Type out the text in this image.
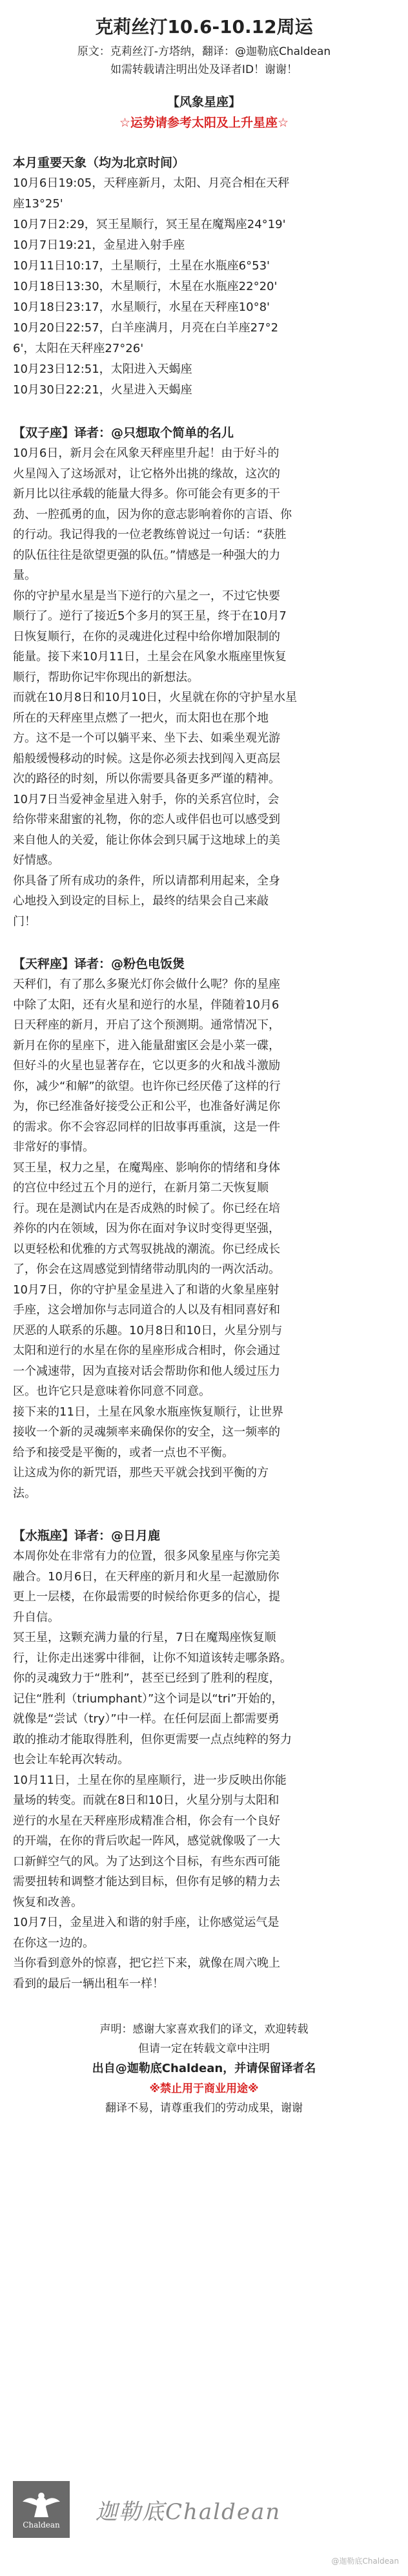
克莉丝汀10.6-10.12周运
原文：克莉丝汀-方塔纳，翻译：@迦勒底Chaldean
如需转载请注明出处及译者ID！谢谢！
【风象星座】
☆运势请参考太阳及上升星座☆
本月重要天象（均为北京时间）
10月6日19:05，天秤座新月，太阳、月亮合相在天秤
座13°25'
10月7日2:29，冥王星顺行，冥王星在魔羯座24°19'
10月7日19:21，金星进入射手座
10月11日10:17，土星顺行，土星在水瓶座6°53'
10月18日13:30，木星顺行，木星在水瓶座22°20'
10月18日23:17，水星顺行，水星在天秤座10°8'
10月20日22:57，白羊座满月，月亮在白羊座27°2
6'，太阳在天秤座27°26'
10月23日12:51，太阳进入天蝎座
10月30日22:21，火星进入天蝎座
【双子座】译者：@只想取个简单的名儿

10月6日，新月会在风象天秤座里升起！由于好斗的

火星闯入了这场派对，让它格外出挑的缘故，这次的

新月比以往承载的能量大得多。你可能会有更多的干

劲、一腔孤勇的血，因为你的意志影响着你的言语、你

的行动。我记得我的一位老教练曾说过一句话：“获胜

的队伍往往是欲望更强的队伍。”情感是一种强大的力

量。

你的守护星水星是当下逆行的六星之一，不过它快要

顺行了。逆行了接近5个多月的冥王星，终于在10月7

日恢复顺行，在你的灵魂进化过程中给你增加限制的

能量。接下来10月11日，土星会在风象水瓶座里恢复

顺行，帮助你记牢你现出的新想法。

而就在10月8日和10月10日，火星就在你的守护星水星

所在的天秤座里点燃了一把火，而太阳也在那个地

方。这不是一个可以躺平来、坐下去、如乘坐观光游

船般缓慢移动的时候。这是你必须去找到闯入更高层

次的路径的时刻，所以你需要具备更多严谨的精神。

10月7日当爱神金星进入射手，你的关系宫位时，会

给你带来甜蜜的礼物，你的恋人或伴侣也可以感受到

来自他人的关爱，能让你体会到只属于这地球上的美

好情感。

你具备了所有成功的条件，所以请都利用起来，全身

心地投入到设定的目标上，最终的结果会自己来敲

门！

【天秤座】译者：@粉色电饭煲

天秤们，有了那么多聚光灯你会做什么呢？你的星座

中除了太阳，还有火星和逆行的水星，伴随着10月6

日天秤座的新月，开启了这个预测期。通常情况下，

新月在你的星座下，进入能量甜蜜区会是小菜一碟，

但好斗的火星也显著存在，它以更多的火和战斗激励

你，减少“和解”的欲望。也许你已经厌倦了这样的行

为，你已经准备好接受公正和公平，也准备好满足你

的需求。你不会容忍同样的旧故事再重演，这是一件

非常好的事情。

冥王星，权力之星，在魔羯座、影响你的情绪和身体

的宫位中经过五个月的逆行，在新月第二天恢复顺

行。现在是测试内在是否成熟的时候了。你已经在培

养你的内在领域，因为你在面对争议时变得更坚强，

以更轻松和优雅的方式驾驭挑战的潮流。你已经成长

了，你会在这周感觉到情绪带动肌肉的一两次活动。

10月7日，你的守护星金星进入了和谐的火象星座射

手座，这会增加你与志同道合的人以及有相同喜好和

厌恶的人联系的乐趣。10月8日和10日，火星分别与

太阳和逆行的水星在你的星座形成合相时，你会通过

一个减速带，因为直接对话会帮助你和他人缓过压力

区。也许它只是意味着你同意不同意。

接下来的11日，土星在风象水瓶座恢复顺行，让世界

接收一个新的灵魂频率来确保你的安全，这一频率的

给予和接受是平衡的，或者一点也不平衡。

让这成为你的新咒语，那些天平就会找到平衡的方

法。

【水瓶座】译者：@日月鹿

本周你处在非常有力的位置，很多风象星座与你完美

融合。10月6日，在天秤座的新月和火星一起激励你

更上一层楼，在你最需要的时候给你更多的信心，提

升自信。

冥王星，这颗充满力量的行星，7日在魔羯座恢复顺

行，让你走出迷雾中徘徊，让你不知道该转走哪条路。

你的灵魂致力于“胜利”，甚至已经到了胜利的程度，

记住“胜利（triumphant）”这个词是以“tri”开始的，

就像是“尝试（try）”中一样。在任何层面上都需要勇

敢的推动才能取得胜利，但你更需要一点点纯粹的努力

也会让车轮再次转动。

10月11日，土星在你的星座顺行，进一步反映出你能

量场的转变。而就在8日和10日，火星分别与太阳和

逆行的水星在天秤座形成精准合相，你会有一个良好

的开端，在你的背后吹起一阵风，感觉就像吸了一大

口新鲜空气的风。为了达到这个目标，有些东西可能

需要扭转和调整才能达到目标，但你有足够的精力去

恢复和改善。

10月7日，金星进入和谐的射手座，让你感觉运气是

在你这一边的。

当你看到意外的惊喜，把它拦下来，就像在周六晚上

看到的最后一辆出租车一样！

声明：感谢大家喜欢我们的译文，欢迎转载
但请一定在转载文章中注明
出自@迦勒底Chaldean，并请保留译者名
※禁止用于商业用途※
翻译不易，请尊重我们的劳动成果，谢谢
Chaldean
迦勒底Chaldean
@迦勒底Chaldean
